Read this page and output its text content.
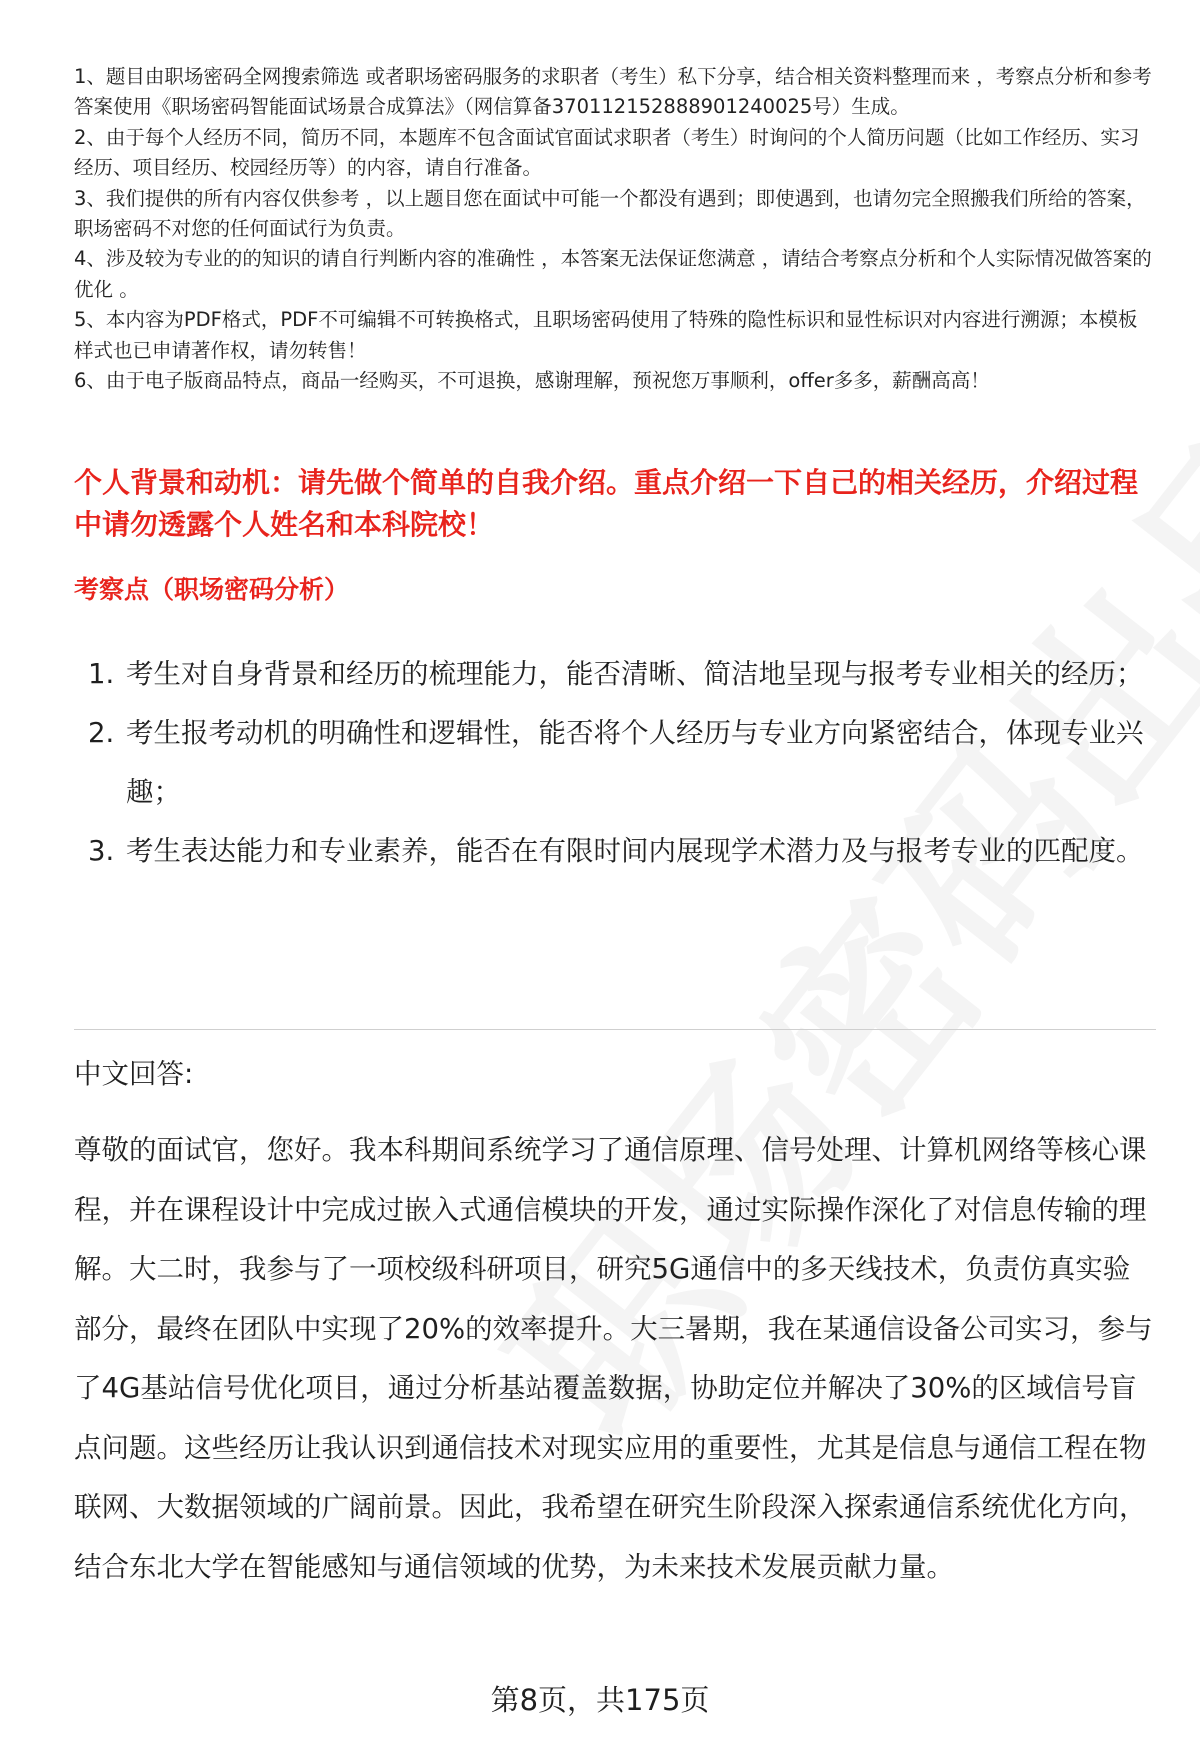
1、题目由职场密码全网搜索筛选 或者职场密码服务的求职者（考生）私下分享，结合相关资料整理而来 ，考察点分析和参考答案使用《职场密码智能面试场景合成算法》（网信算备370112152888901240025号）生成。

2、由于每个人经历不同，简历不同，本题库不包含面试官面试求职者（考生）时询问的个人简历问题（比如工作经历、实习经历、项目经历、校园经历等）的内容，请自行准备。

3、我们提供的所有内容仅供参考 ，以上题目您在面试中可能一个都没有遇到；即使遇到，也请勿完全照搬我们所给的答案，职场密码不对您的任何面试行为负责。

4、涉及较为专业的的知识的请自行判断内容的准确性 ，本答案无法保证您满意 ，请结合考察点分析和个人实际情况做答案的优化 。

5、本内容为PDF格式，PDF不可编辑不可转换格式，且职场密码使用了特殊的隐性标识和显性标识对内容进行溯源；本模板样式也已申请著作权，请勿转售！

6、由于电子版商品特点，商品一经购买，不可退换，感谢理解，预祝您万事顺利，offer多多，薪酬高高！

个人背景和动机：请先做个简单的自我介绍。重点介绍一下自己的相关经历，介绍过程中请勿透露个人姓名和本科院校！
考察点（职场密码分析）
1. 考生对自身背景和经历的梳理能力，能否清晰、简洁地呈现与报考专业相关的经历；
2. 考生报考动机的明确性和逻辑性，能否将个人经历与专业方向紧密结合，体现专业兴趣；
3. 考生表达能力和专业素养，能否在有限时间内展现学术潜力及与报考专业的匹配度。
中文回答:

尊敬的面试官，您好。我本科期间系统学习了通信原理、信号处理、计算机网络等核心课程，并在课程设计中完成过嵌入式通信模块的开发，通过实际操作深化了对信息传输的理解。大二时，我参与了一项校级科研项目，研究5G通信中的多天线技术，负责仿真实验部分，最终在团队中实现了20%的效率提升。大三暑期，我在某通信设备公司实习，参与了4G基站信号优化项目，通过分析基站覆盖数据，协助定位并解决了30%的区域信号盲点问题。这些经历让我认识到通信技术对现实应用的重要性，尤其是信息与通信工程在物联网、大数据领域的广阔前景。因此，我希望在研究生阶段深入探索通信系统优化方向，结合东北大学在智能感知与通信领域的优势，为未来技术发展贡献力量。

第8页，共175页
